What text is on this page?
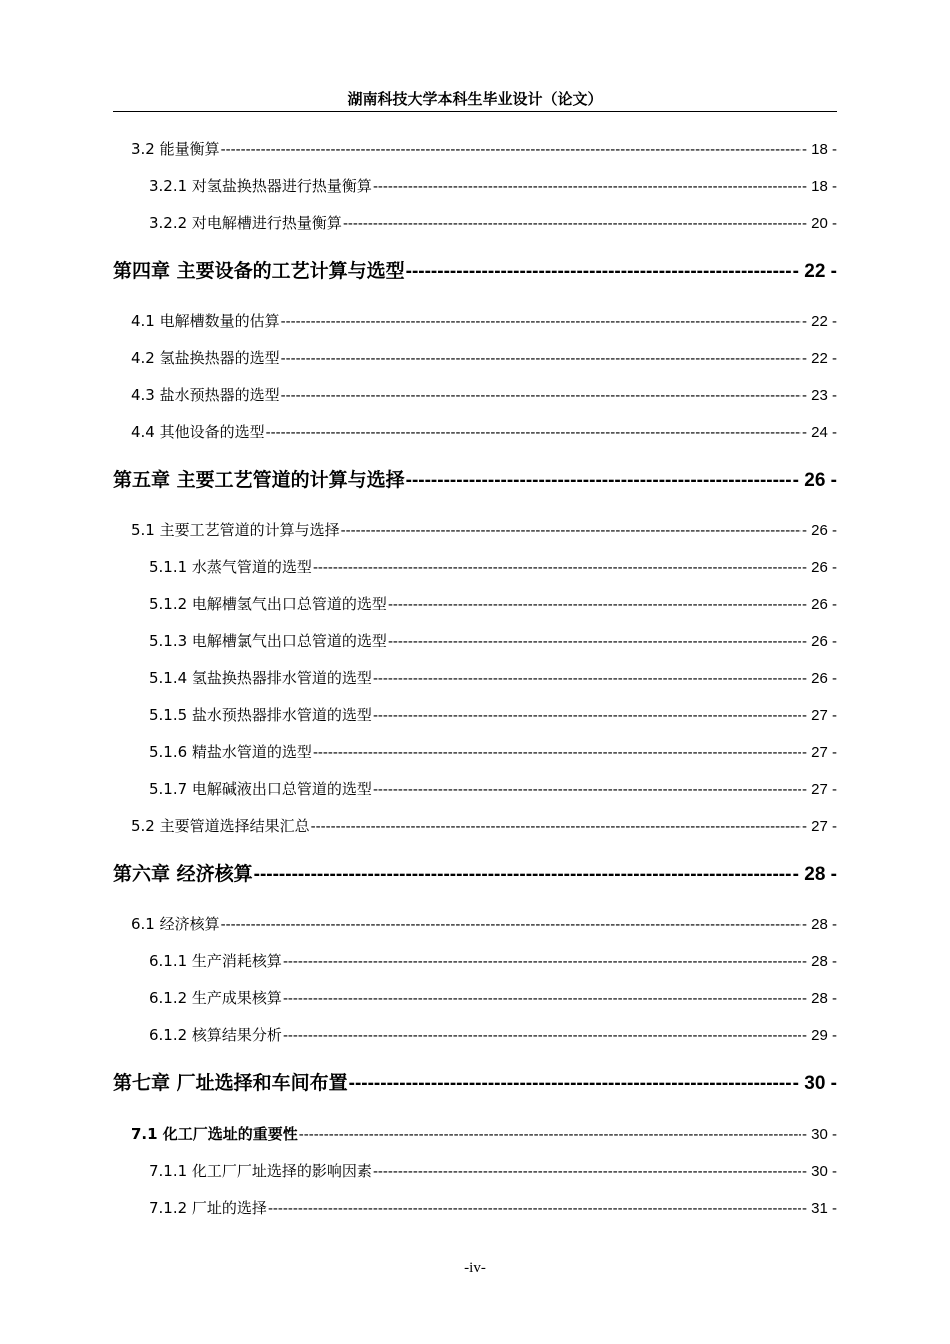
湖南科技大学本科生毕业设计（论文）
3.2 能量衡算 -----	- 18 -
3.2.1 对氢盐换热器进行热量衡算 -----	- 18 -
3.2.2 对电解槽进行热量衡算 -----	- 20 -
第四章 主要设备的工艺计算与选型 -----	- 22 -
4.1 电解槽数量的估算 -----	- 22 -
4.2 氢盐换热器的选型 -----	- 22 -
4.3 盐水预热器的选型 -----	- 23 -
4.4 其他设备的选型 -----	- 24 -
第五章 主要工艺管道的计算与选择 -----	- 26 -
5.1 主要工艺管道的计算与选择 -----	- 26 -
5.1.1 水蒸气管道的选型 -----	- 26 -
5.1.2 电解槽氢气出口总管道的选型 -----	- 26 -
5.1.3 电解槽氯气出口总管道的选型 -----	- 26 -
5.1.4 氢盐换热器排水管道的选型 -----	- 26 -
5.1.5 盐水预热器排水管道的选型 -----	- 27 -
5.1.6 精盐水管道的选型 -----	- 27 -
5.1.7 电解碱液出口总管道的选型 -----	- 27 -
5.2 主要管道选择结果汇总 -----	- 27 -
第六章 经济核算 -----	- 28 -
6.1 经济核算 -----	- 28 -
6.1.1 生产消耗核算 -----	- 28 -
6.1.2 生产成果核算 -----	- 28 -
6.1.2 核算结果分析 -----	- 29 -
第七章 厂址选择和车间布置 -----	- 30 -
7.1 化工厂选址的重要性 -----	- 30 -
7.1.1 化工厂厂址选择的影响因素 -----	- 30 -
7.1.2 厂址的选择 -----	- 31 -
-iv-
